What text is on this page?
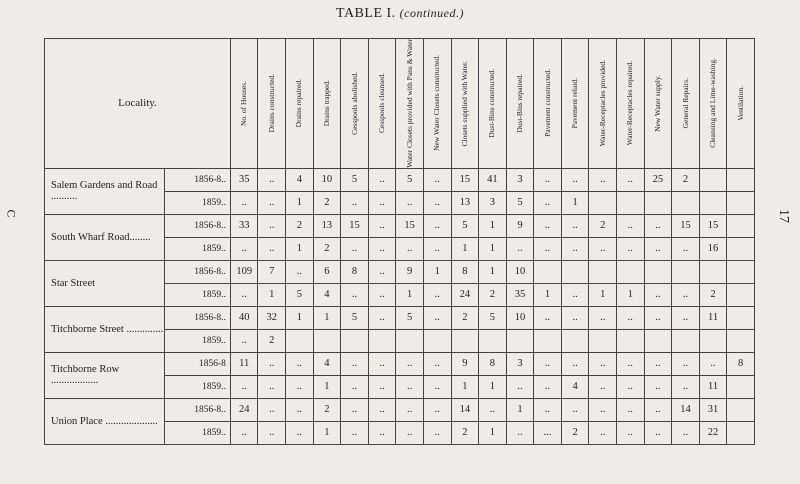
TABLE I. (continued.)
C	17
Locality.		No. of Houses.	Drains constructed.	Drains repaired.	Drains trapped.	Cesspools abolished.	Cesspools cleansed.	Water Closets provided with Pans & Water	New Water Closets constructed.	Closets supplied with Water.	Dust-Bins constructed.	Dust-Bins repaired.	Pavement constructed.	Pavement relaid.	Water-Receptacles provided.	Water-Receptacles repaired.	New Water supply.	General Repairs.	Cleansing and Lime-washing.	Ventilation.

Salem Gardens and Road ..........	1856-8..	35	..	4	10	5	..	5	..	15	41	3	..	..	..	..	25	2		
	1859..	..	..	1	2	..	..	..	..	13	3	5	..	1						
South Wharf Road........	1856-8..	33	..	2	13	15	..	15	..	5	1	9	..	..	2	..	..	15	15	
	1859..	..	..	1	2	..	..	..	..	1	1	..	..	..	..	..	..	..	16	
Star Street	1856-8..	109	7	..	6	8	..	9	1	8	1	10								
	1859..	..	1	5	4	..	..	1	..	24	2	35	1	..	1	1	..	..	2	
Titchborne Street ..............	1856-8..	40	32	1	1	5	..	5	..	2	5	10	..	..	..	..	..	..	11	
	1859..	..	2																	
Titchborne Row ..................	1856-8	11	..	..	4	..	..	..	..	9	8	3	..	..	..	..	..	..	..	8
	1859..	..	..	..	1	..	..	..	..	1	1	..	..	4	..	..	..	..	11	
Union Place ....................	1856-8..	24	..	..	2	..	..	..	..	14	..	1	..	..	..	..	..	14	31	
	1859..	..	..	..	1	..	..	..	..	2	1	..	...	2	..	..	..	..	22	
